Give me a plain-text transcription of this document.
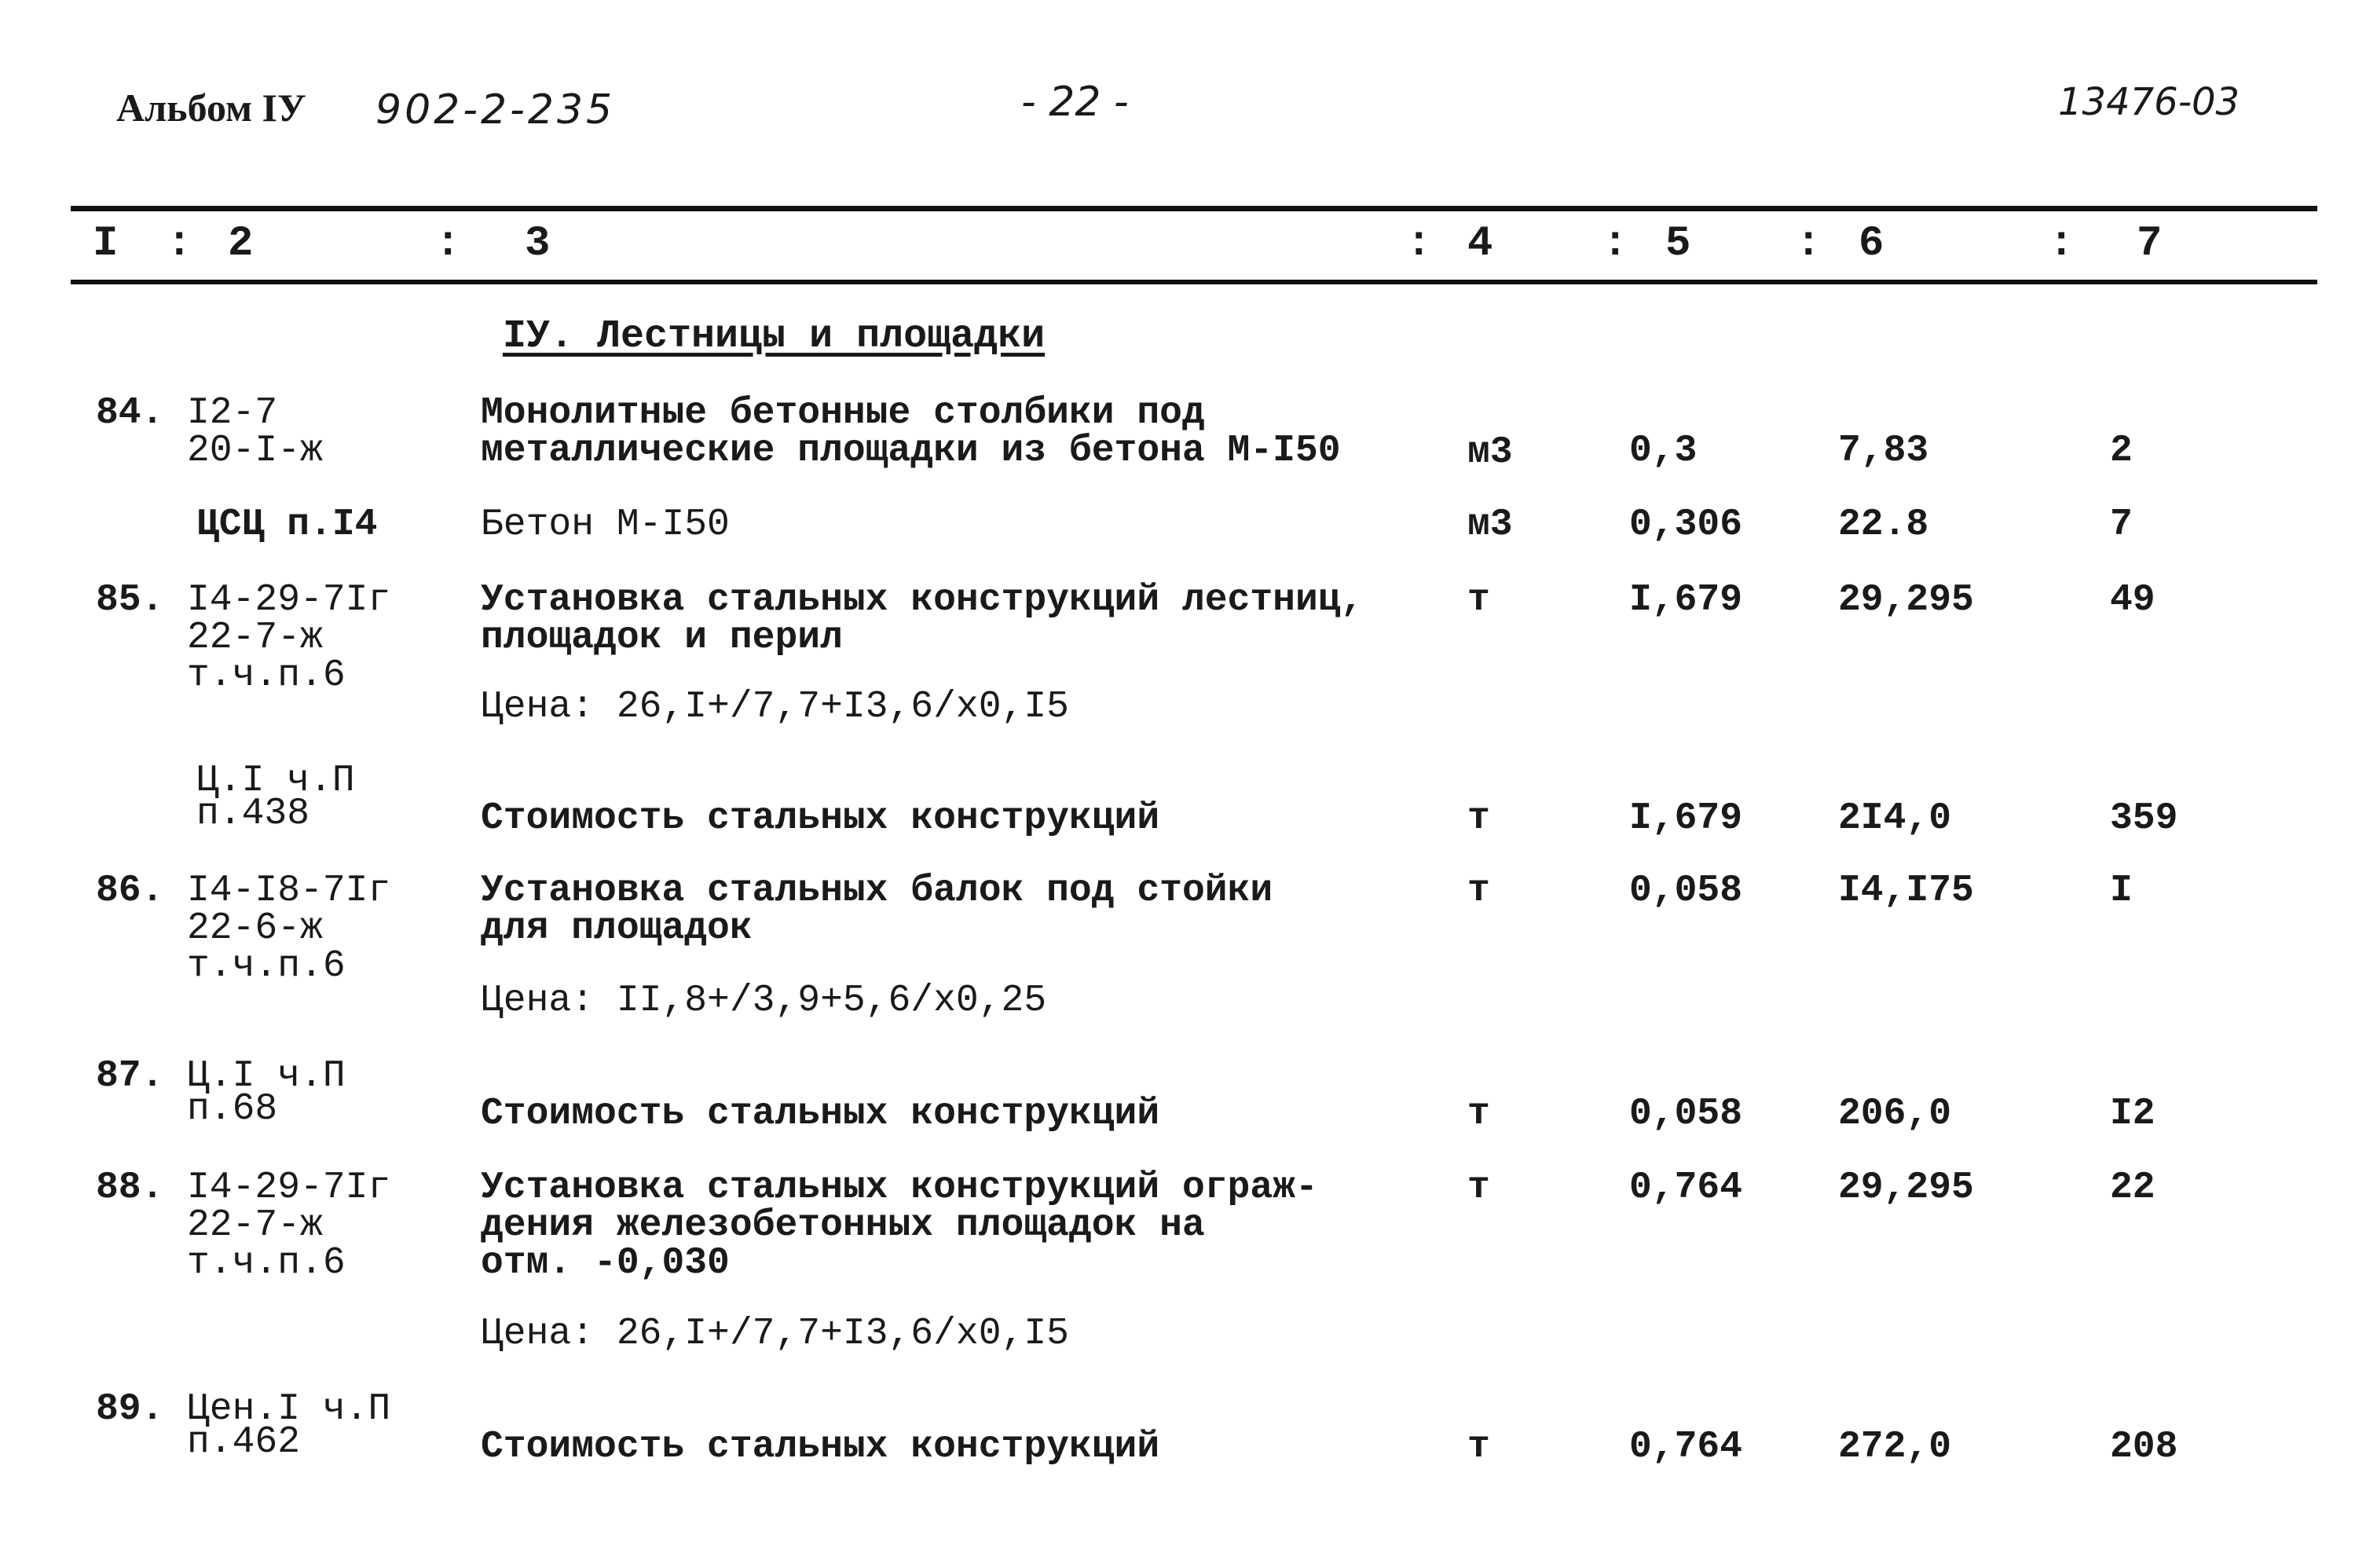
Альбом IУ 902-2-235	- 22 -	13476-03
I : 2	: 3	: 4	: 5 : 6	: 7
IУ. Лестницы и площадки
84. I2-7
20-I-ж
Монолитные бетонные столбики под
металлические площадки из бетона М-I50	м3	0,3	7,83	2
ЦСЦ п.I4	Бетон М-I50	м3	0,306	22.8	7
85. I4-29-7Iг
22-7-ж
т.ч.п.6
Установка стальных конструкций лестниц,
площадок и перил
Цена: 26,I+/7,7+I3,6/x0,I5
т	I,679	29,295	49
Ц.I ч.П
п.438	Стоимость стальных конструкций	т	I,679	2I4,0	359
86. I4-I8-7Iг
22-6-ж
т.ч.п.6
Установка стальных балок под стойки
для площадок
Цена: II,8+/3,9+5,6/x0,25
т	0,058	I4,I75	I
87. Ц.I ч.П
п.68	Стоимость стальных конструкций	т	0,058	206,0	I2
88. I4-29-7Iг
22-7-ж
т.ч.п.6
Установка стальных конструкций ограж-
дения железобетонных площадок на
отм. -0,030
Цена: 26,I+/7,7+I3,6/x0,I5
т	0,764	29,295	22
89. Цен.I ч.П
п.462	Стоимость стальных конструкций	т	0,764	272,0	208
